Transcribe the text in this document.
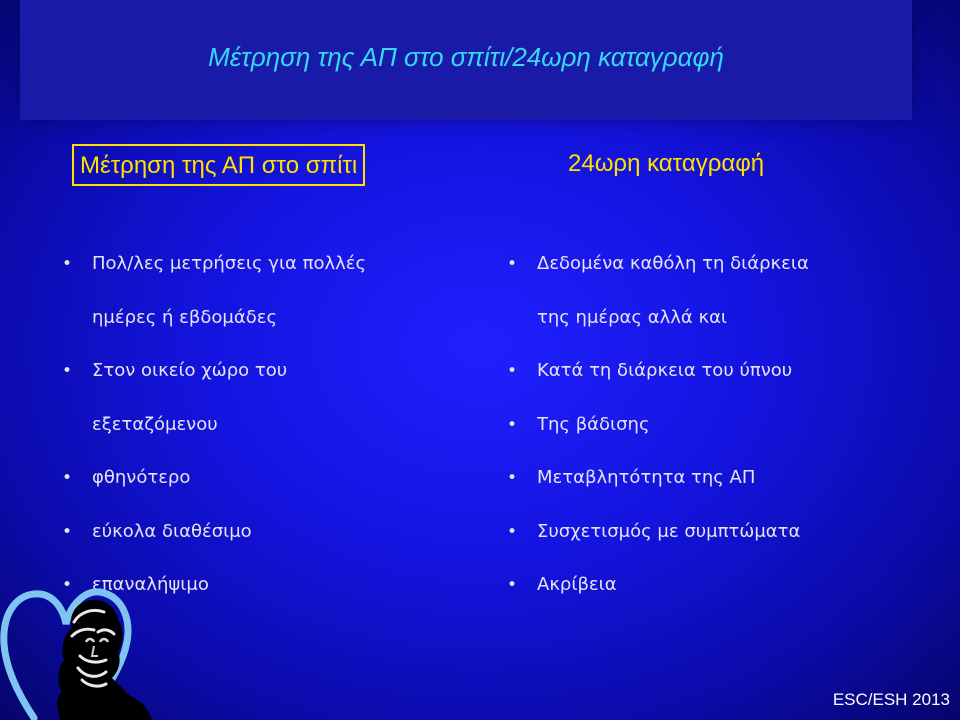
Μέτρηση της ΑΠ στο σπίτι/24ωρη καταγραφή
Μέτρηση της ΑΠ στο σπίτι	24ωρη καταγραφή
• Πολ/λες μετρήσεις για πολλές
ημέρες ή εβδομάδες
• Στον οικείο χώρο του
εξεταζόμενου
• φθηνότερο
• εύκολα διαθέσιμο
• επαναλήψιμο
• Δεδομένα καθόλη τη διάρκεια
της ημέρας αλλά και
• Κατά τη διάρκεια του ύπνου
• Της βάδισης
• Μεταβλητότητα της ΑΠ
• Συσχετισμός με συμπτώματα
• Ακρίβεια
ESC/ESH 2013
